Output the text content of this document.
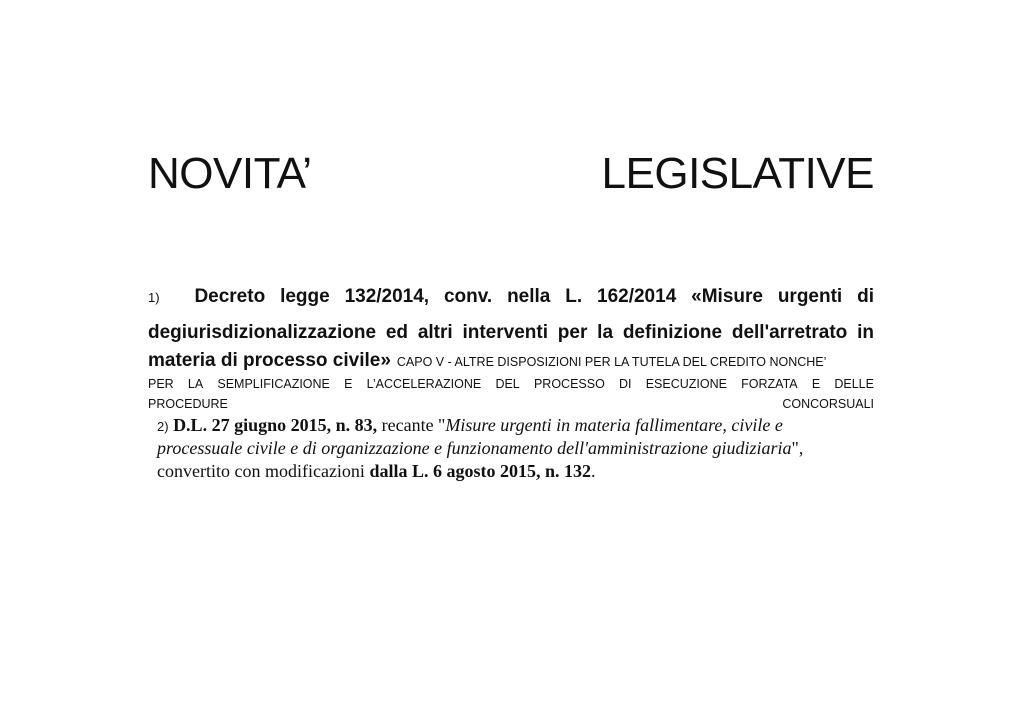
NOVITA’	LEGISLATIVE
1) Decreto legge 132/2014, conv. nella L. 162/2014 «Misure urgenti di
degiurisdizionalizzazione ed altri interventi per la definizione dell'arretrato in
materia di processo civile» CAPO V - ALTRE DISPOSIZIONI PER LA TUTELA DEL CREDITO NONCHE’
PER LA SEMPLIFICAZIONE E L’ACCELERAZIONE DEL PROCESSO DI ESECUZIONE FORZATA E DELLE
PROCEDURE	CONCORSUALI
2) D.L. 27 giugno 2015, n. 83, recante "Misure urgenti in materia fallimentare, civile e
processuale civile e di organizzazione e funzionamento dell'amministrazione giudiziaria ",
convertito con modificazioni dalla L. 6 agosto 2015, n. 132 .
